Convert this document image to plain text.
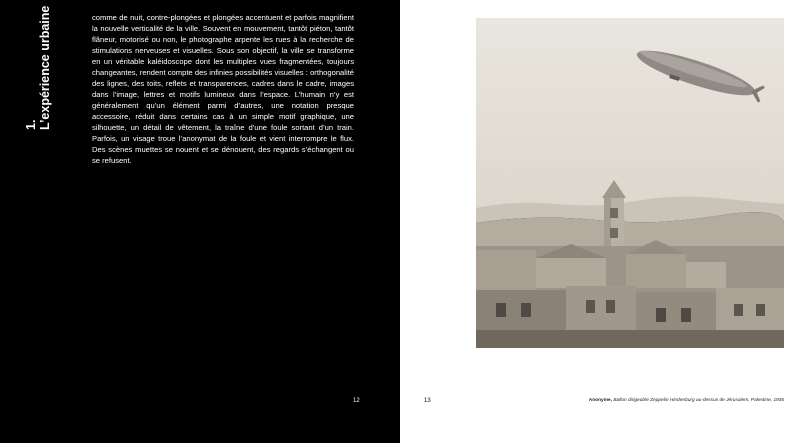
1. L’expérience urbaine	comme de nuit, contre-plongées et plongées accentuent et parfois magnifient la nouvelle verticalité de la ville. Souvent en mouvement, tantôt piéton, tantôt flâneur, motorisé ou non, le photographe arpente les rues à la recherche de stimulations nerveuses et visuelles. Sous son objectif, la ville se transforme en un véritable kaléidoscope dont les multiples vues fragmentées, toujours changeantes, rendent compte des infinies possibilités visuelles : orthogonalité des lignes, des toits, reflets et transparences, cadres dans le cadre, images dans l’image, lettres et motifs lumineux dans l’espace. L’humain n’y est généralement qu’un élément parmi d’autres, une notation presque accessoire, réduit dans certains cas à un simple motif graphique, une silhouette, un détail de vêtement, la traîne d’une foule sortant d’un train. Parfois, un visage troue l’anonymat de la foule et vient interrompre le flux. Des scènes muettes se nouent et se dénouent, des regards s’échangent ou se refusent.

12	13	Anonyme, Ballon dirigeable Zeppelin Hindenburg au-dessus de Jérusalem, Palestine, 1936
